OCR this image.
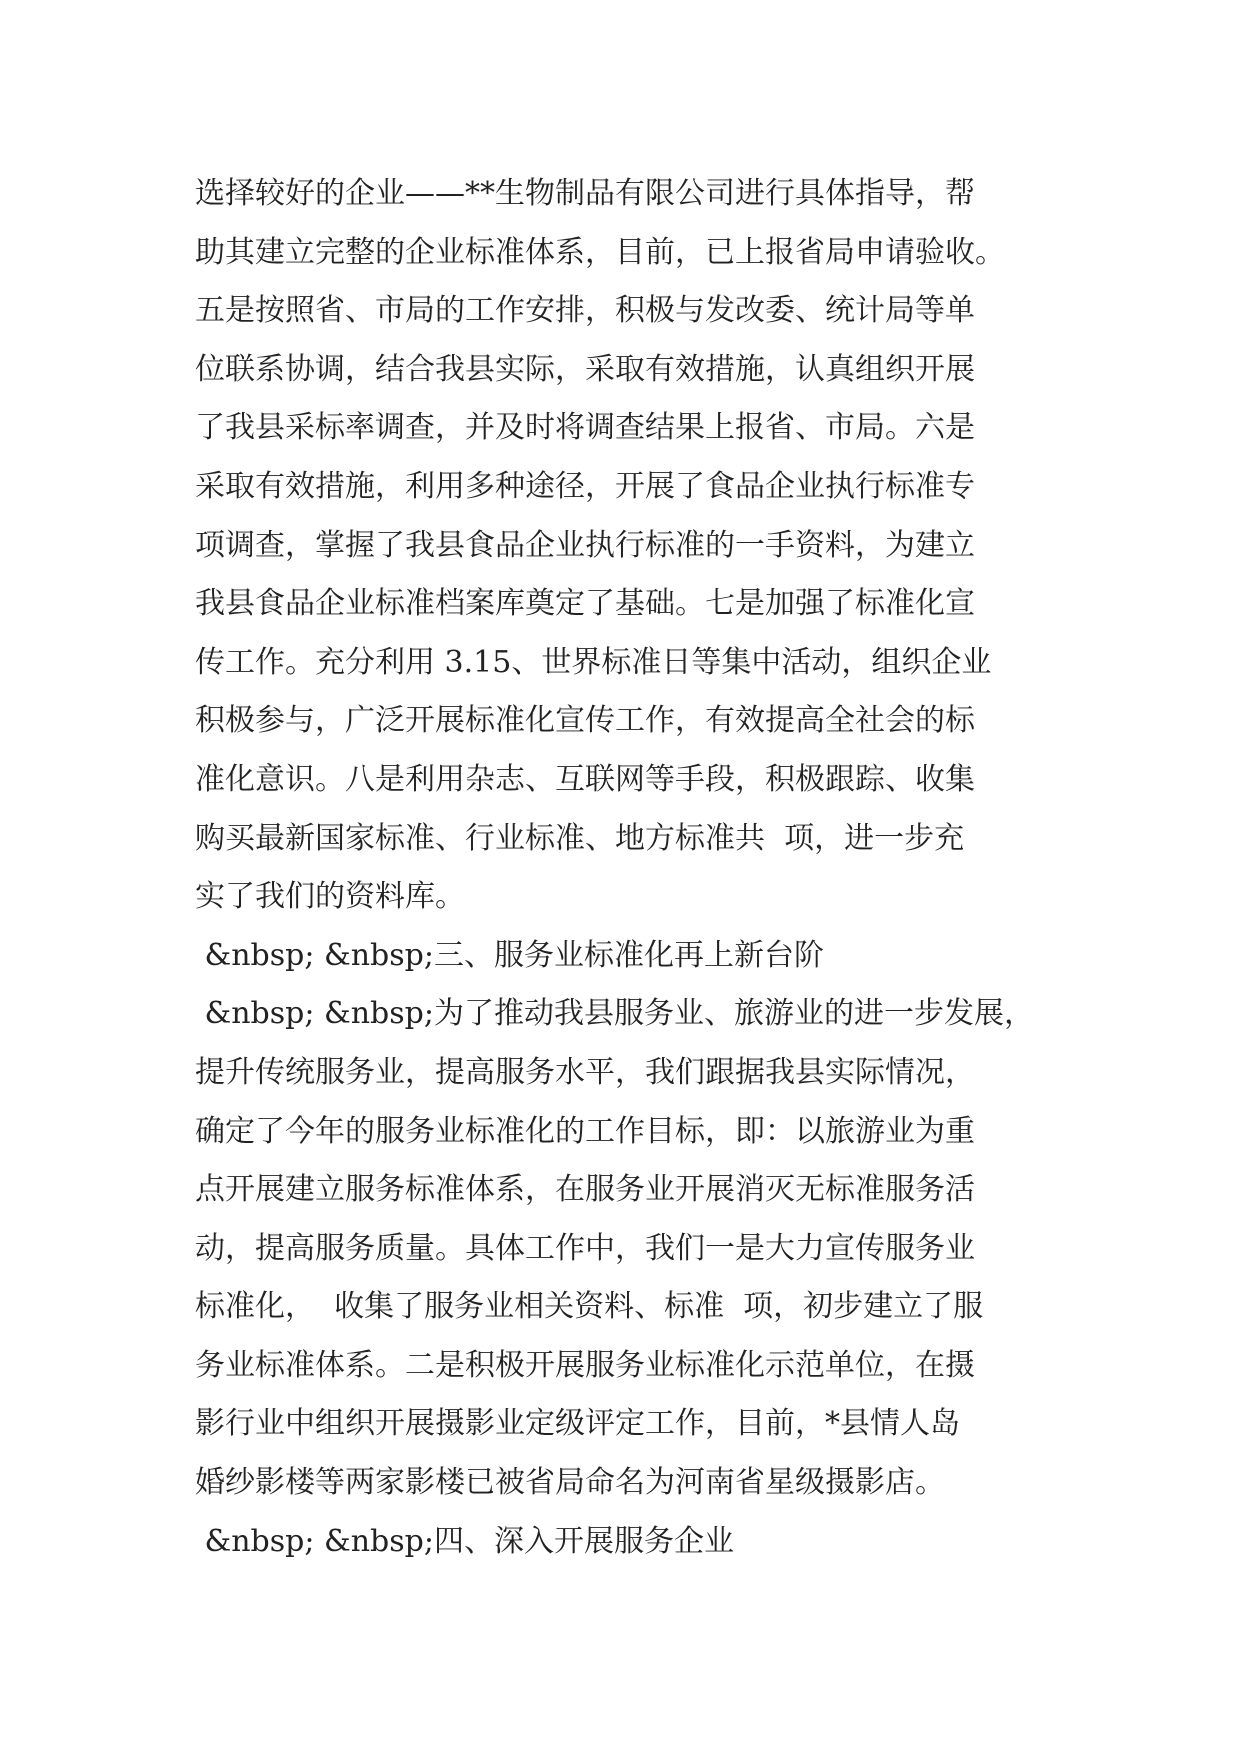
选择较好的企业——**生物制品有限公司进行具体指导，帮
助其建立完整的企业标准体系，目前，已上报省局申请验收。
五是按照省、市局的工作安排，积极与发改委、统计局等单
位联系协调，结合我县实际，采取有效措施，认真组织开展
了我县采标率调查，并及时将调查结果上报省、市局。六是
采取有效措施，利用多种途径，开展了食品企业执行标准专
项调查，掌握了我县食品企业执行标准的一手资料，为建立
我县食品企业标准档案库奠定了基础。七是加强了标准化宣
传工作。充分利用 3.15、世界标准日等集中活动，组织企业
积极参与，广泛开展标准化宣传工作，有效提高全社会的标
准化意识。八是利用杂志、互联网等手段，积极跟踪、收集
购买最新国家标准、行业标准、地方标准共  项，进一步充
实了我们的资料库。
&nbsp; &nbsp;三、服务业标准化再上新台阶
&nbsp; &nbsp;为了推动我县服务业、旅游业的进一步发展，
提升传统服务业，提高服务水平，我们跟据我县实际情况，
确定了今年的服务业标准化的工作目标，即：以旅游业为重
点开展建立服务标准体系，在服务业开展消灭无标准服务活
动，提高服务质量。具体工作中，我们一是大力宣传服务业
标准化，  收集了服务业相关资料、标准  项，初步建立了服
务业标准体系。二是积极开展服务业标准化示范单位，在摄
影行业中组织开展摄影业定级评定工作，目前，*县情人岛
婚纱影楼等两家影楼已被省局命名为河南省星级摄影店。
&nbsp; &nbsp;四、深入开展服务企业
